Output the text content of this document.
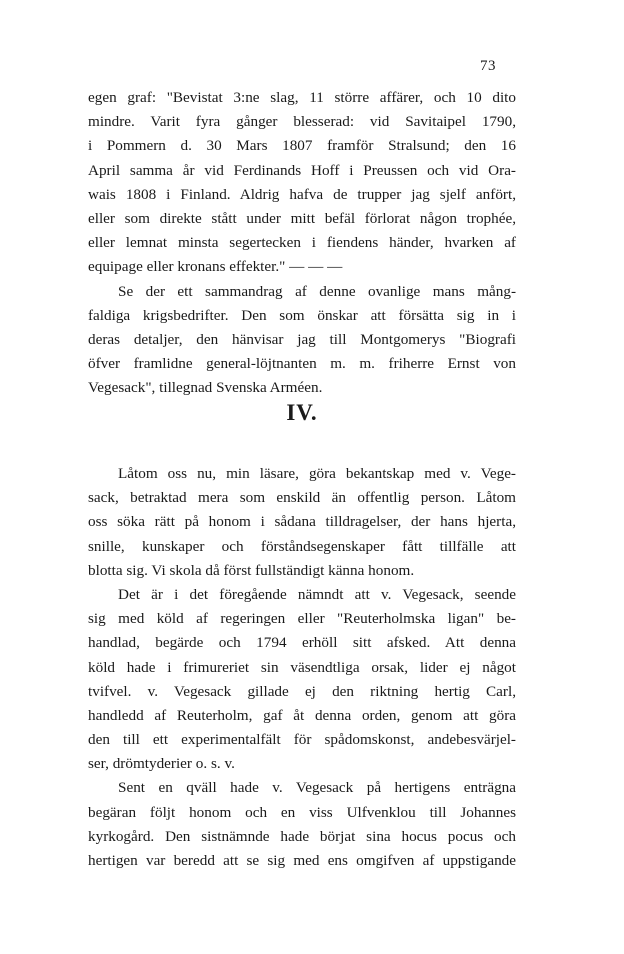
73
egen graf: "Bevistat 3:ne slag, 11 större affärer, och 10 dito
mindre. Varit fyra gånger blesserad: vid Savitaipel 1790,
i Pommern d. 30 Mars 1807 framför Stralsund; den 16
April samma år vid Ferdinands Hoff i Preussen och vid Ora-
wais 1808 i Finland. Aldrig hafva de trupper jag sjelf anfört,
eller som direkte stått under mitt befäl förlorat någon trophée,
eller lemnat minsta segertecken i fiendens händer, hvarken af
equipage eller kronans effekter." — — —
Se der ett sammandrag af denne ovanlige mans mång-
faldiga krigsbedrifter. Den som önskar att försätta sig in i
deras detaljer, den hänvisar jag till Montgomerys "Biografi
öfver framlidne general-löjtnanten m. m. friherre Ernst von
Vegesack", tillegnad Svenska Arméen.
IV.
Låtom oss nu, min läsare, göra bekantskap med v. Vege-
sack, betraktad mera som enskild än offentlig person. Låtom
oss söka rätt på honom i sådana tilldragelser, der hans hjerta,
snille, kunskaper och förståndsegenskaper fått tillfälle att
blotta sig. Vi skola då först fullständigt känna honom.
Det är i det föregående nämndt att v. Vegesack, seende
sig med köld af regeringen eller "Reuterholmska ligan" be-
handlad, begärde och 1794 erhöll sitt afsked. Att denna
köld hade i frimureriet sin väsendtliga orsak, lider ej något
tvifvel. v. Vegesack gillade ej den riktning hertig Carl,
handledd af Reuterholm, gaf åt denna orden, genom att göra
den till ett experimentalfält för spådomskonst, andebesvärjel-
ser, drömtyderier o. s. v.
Sent en qväll hade v. Vegesack på hertigens enträgna
begäran följt honom och en viss Ulfvenklou till Johannes
kyrkogård. Den sistnämnde hade börjat sina hocus pocus och
hertigen var beredd att se sig med ens omgifven af uppstigande
